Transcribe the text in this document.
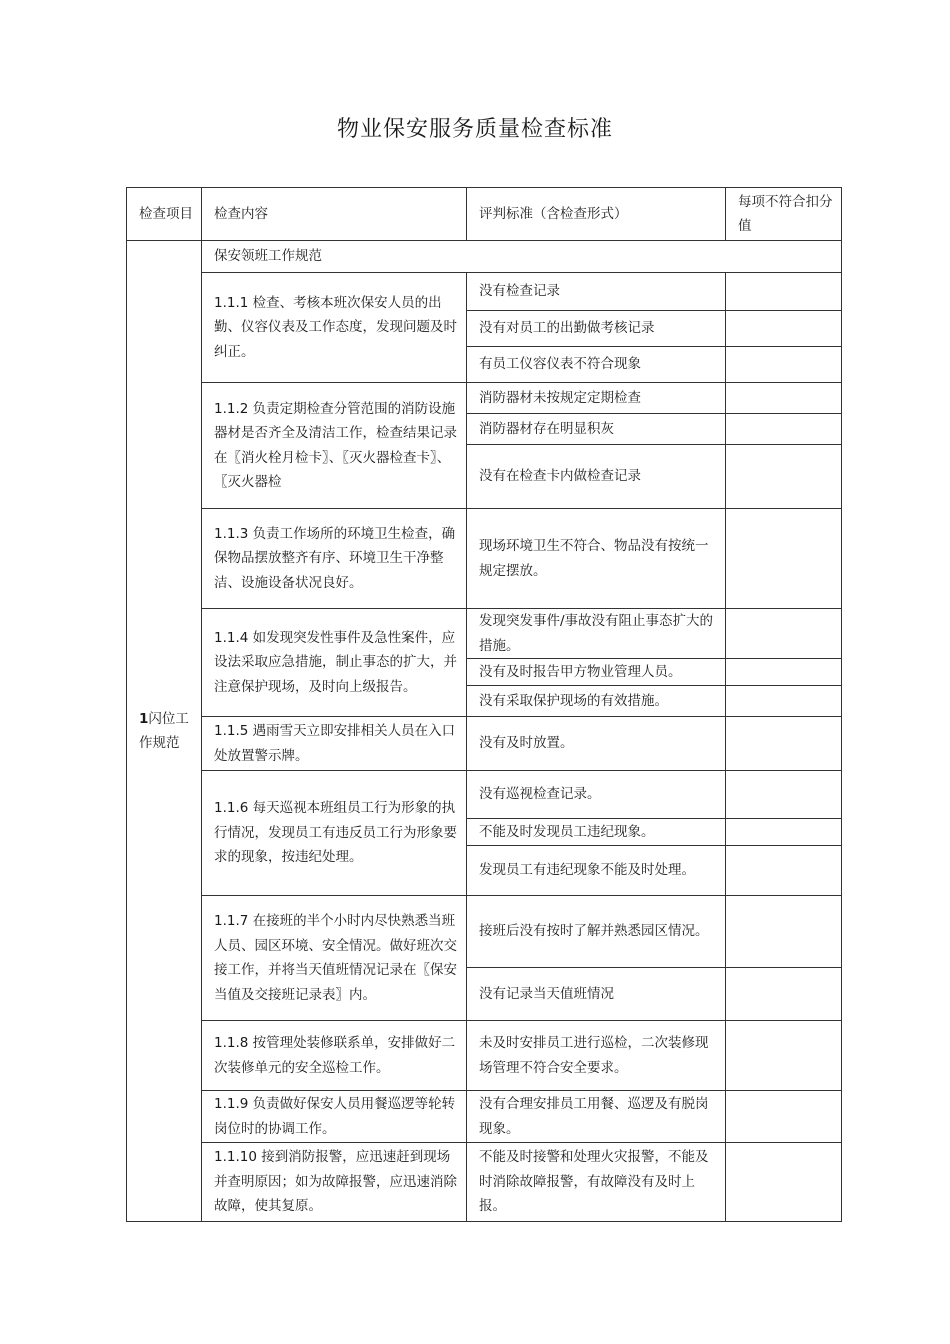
物业保安服务质量检查标准
检查项目	检查内容	评判标准（含检查形式）	每项不符合扣分值
1闪位工作规范	保安领班工作规范		
	1.1.1 检查、考核本班次保安人员的出勤、仪容仪表及工作态度，发现问题及时纠正。	没有检查记录	
		没有对员工的出勤做考核记录	
		有员工仪容仪表不符合现象	
	1.1.2 负责定期检查分管范围的消防设施器材是否齐全及清洁工作，检查结果记录在〖消火栓月检卡〗、〖灭火器检查卡〗、〖灭火器检	消防器材未按规定定期检查	
		消防器材存在明显积灰	
		没有在检查卡内做检查记录	
	1.1.3 负责工作场所的环境卫生检查，确保物品摆放整齐有序、环境卫生干净整洁、设施设备状况良好。	现场环境卫生不符合、物品没有按统一规定摆放。	
	1.1.4 如发现突发性事件及急性案件，应设法采取应急措施，制止事态的扩大，并注意保护现场，及时向上级报告。	发现突发事件/事故没有阻止事态扩大的措施。	
		没有及时报告甲方物业管理人员。	
		没有采取保护现场的有效措施。	
	1.1.5 遇雨雪天立即安排相关人员在入口处放置警示牌。	没有及时放置。	
	1.1.6 每天巡视本班组员工行为形象的执行情况，发现员工有违反员工行为形象要求的现象，按违纪处理。	没有巡视检查记录。	
		不能及时发现员工违纪现象。	
		发现员工有违纪现象不能及时处理。	
	1.1.7 在接班的半个小时内尽快熟悉当班人员、园区环境、安全情况。做好班次交接工作，并将当天值班情况记录在〖保安当值及交接班记录表〗内。	接班后没有按时了解并熟悉园区情况。	
		没有记录当天值班情况	
	1.1.8 按管理处装修联系单，安排做好二次装修单元的安全巡检工作。	未及时安排员工进行巡检，二次装修现场管理不符合安全要求。	
	1.1.9 负责做好保安人员用餐巡逻等轮转岗位时的协调工作。	没有合理安排员工用餐、巡逻及有脱岗现象。	
	1.1.10 接到消防报警，应迅速赶到现场并查明原因；如为故障报警，应迅速消除故障，使其复原。	不能及时接警和处理火灾报警，不能及时消除故障报警，有故障没有及时上报。	
